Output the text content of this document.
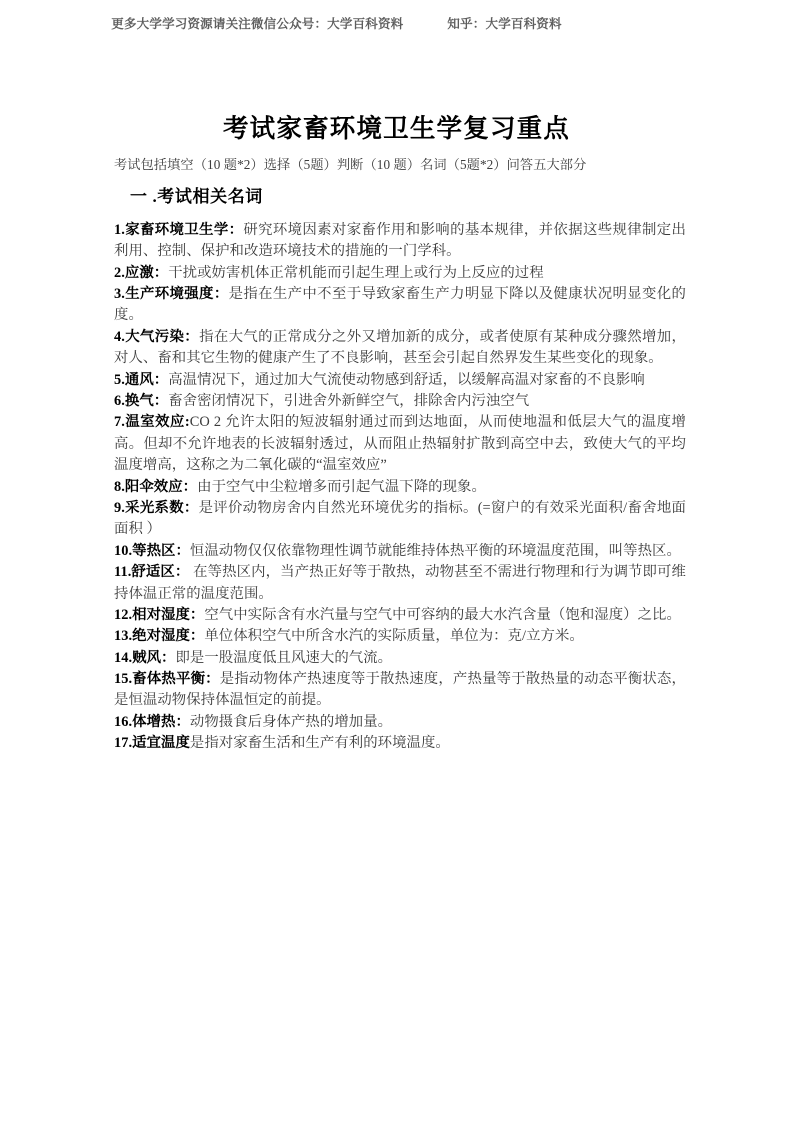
更多大学学习资源请关注微信公众号：大学百科资料	知乎：大学百科资料
考试家畜环境卫生学复习重点

考试包括填空（10 题*2）选择（5题）判断（10 题）名词（5题*2）问答五大部分

一 .考试相关名词
1.家畜环境卫生学：研究环境因素对家畜作用和影响的基本规律，并依据这些规律制定出利用、控制、保护和改造环境技术的措施的一门学科。
2.应激：干扰或妨害机体正常机能而引起生理上或行为上反应的过程
3.生产环境强度：是指在生产中不至于导致家畜生产力明显下降以及健康状况明显变化的度。
4.大气污染：指在大气的正常成分之外又增加新的成分，或者使原有某种成分骤然增加，对人、畜和其它生物的健康产生了不良影响，甚至会引起自然界发生某些变化的现象。
5.通风：高温情况下，通过加大气流使动物感到舒适，以缓解高温对家畜的不良影响
6.换气：畜舍密闭情况下，引进舍外新鲜空气，排除舍内污浊空气
7.温室效应:CO 2 允许太阳的短波辐射通过而到达地面，从而使地温和低层大气的温度增高。但却不允许地表的长波辐射透过，从而阻止热辐射扩散到高空中去，致使大气的平均温度增高，这称之为二氧化碳的“温室效应”
8.阳伞效应：由于空气中尘粒增多而引起气温下降的现象。
9.采光系数：是评价动物房舍内自然光环境优劣的指标。(=窗户的有效采光面积/畜舍地面面积 ）
10.等热区：恒温动物仅仅依靠物理性调节就能维持体热平衡的环境温度范围，叫等热区。
11.舒适区： 在等热区内，当产热正好等于散热，动物甚至不需进行物理和行为调节即可维持体温正常的温度范围。
12.相对湿度：空气中实际含有水汽量与空气中可容纳的最大水汽含量（饱和湿度）之比。
13.绝对湿度：单位体积空气中所含水汽的实际质量，单位为：克/立方米。
14.贼风：即是一股温度低且风速大的气流。
15.畜体热平衡：是指动物体产热速度等于散热速度，产热量等于散热量的动态平衡状态，是恒温动物保持体温恒定的前提。
16.体增热：动物摄食后身体产热的增加量。
17.适宜温度是指对家畜生活和生产有利的环境温度。
